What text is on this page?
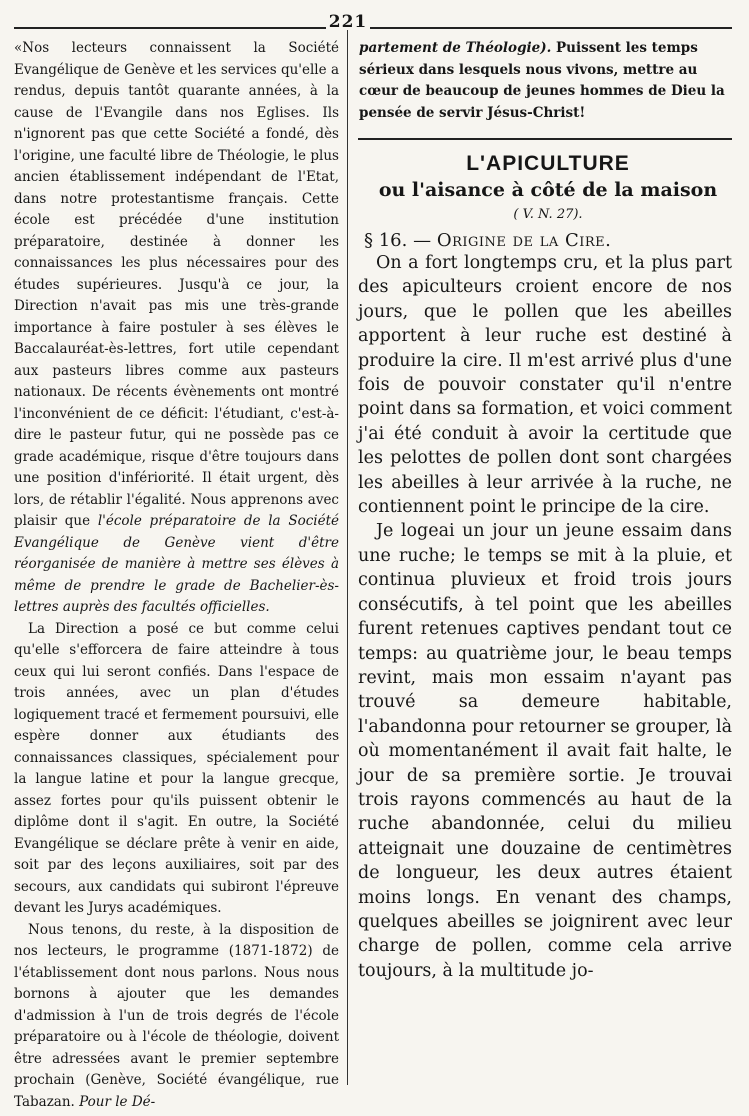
221

«Nos lecteurs connaissent la Société Evangélique de Genève et les services qu'elle a rendus, depuis tantôt quarante années, à la cause de l'Evangile dans nos Eglises. Ils n'ignorent pas que cette Société a fondé, dès l'origine, une faculté libre de Théologie, le plus ancien établissement indépendant de l'Etat, dans notre protestantisme français. Cette école est précédée d'une institution préparatoire, destinée à donner les connaissances les plus nécessaires pour des études supérieures. Jusqu'à ce jour, la Direction n'avait pas mis une très-grande importance à faire postuler à ses élèves le Baccalauréat-ès-lettres, fort utile cependant aux pasteurs libres comme aux pasteurs nationaux. De récents évènements ont montré l'inconvénient de ce déficit: l'étudiant, c'est-à-dire le pasteur futur, qui ne possède pas ce grade académique, risque d'être toujours dans une position d'infériorité. Il était urgent, dès lors, de rétablir l'égalité. Nous apprenons avec plaisir que l'école préparatoire de la Société Evangélique de Genève vient d'être réorganisée de manière à mettre ses élèves à même de prendre le grade de Bachelier-ès-lettres auprès des facultés officielles.

La Direction a posé ce but comme celui qu'elle s'efforcera de faire atteindre à tous ceux qui lui seront confiés. Dans l'espace de trois années, avec un plan d'études logiquement tracé et fermement poursuivi, elle espère donner aux étudiants des connaissances classiques, spécialement pour la langue latine et pour la langue grecque, assez fortes pour qu'ils puissent obtenir le diplôme dont il s'agit. En outre, la Société Evangélique se déclare prête à venir en aide, soit par des leçons auxiliaires, soit par des secours, aux candidats qui subiront l'épreuve devant les Jurys académiques.

Nous tenons, du reste, à la disposition de nos lecteurs, le programme (1871-1872) de l'établissement dont nous parlons. Nous nous bornons à ajouter que les demandes d'admission à l'un de trois degrés de l'école préparatoire ou à l'école de théologie, doivent être adressées avant le premier septembre prochain (Genève, Société évangélique, rue Tabazan. Pour le Dé-

partement de Théologie). Puissent les temps sérieux dans lesquels nous vivons, mettre au cœur de beaucoup de jeunes hommes de Dieu la pensée de servir Jésus-Christ!

L'APICULTURE
ou l'aisance à côté de la maison
( V. N. 27).
§ 16. — Origine de la Cire.

On a fort longtemps cru, et la plus part des apiculteurs croient encore de nos jours, que le pollen que les abeilles apportent à leur ruche est destiné à produire la cire. Il m'est arrivé plus d'une fois de pouvoir constater qu'il n'entre point dans sa formation, et voici comment j'ai été conduit à avoir la certitude que les pelottes de pollen dont sont chargées les abeilles à leur arrivée à la ruche, ne contiennent point le principe de la cire.

Je logeai un jour un jeune essaim dans une ruche; le temps se mit à la pluie, et continua pluvieux et froid trois jours consécutifs, à tel point que les abeilles furent retenues captives pendant tout ce temps: au quatrième jour, le beau temps revint, mais mon essaim n'ayant pas trouvé sa demeure habitable, l'abandonna pour retourner se grouper, là où momentanément il avait fait halte, le jour de sa première sortie. Je trouvai trois rayons commencés au haut de la ruche abandonnée, celui du milieu atteignait une douzaine de centimètres de longueur, les deux autres étaient moins longs. En venant des champs, quelques abeilles se joignirent avec leur charge de pollen, comme cela arrive toujours, à la multitude jo-
